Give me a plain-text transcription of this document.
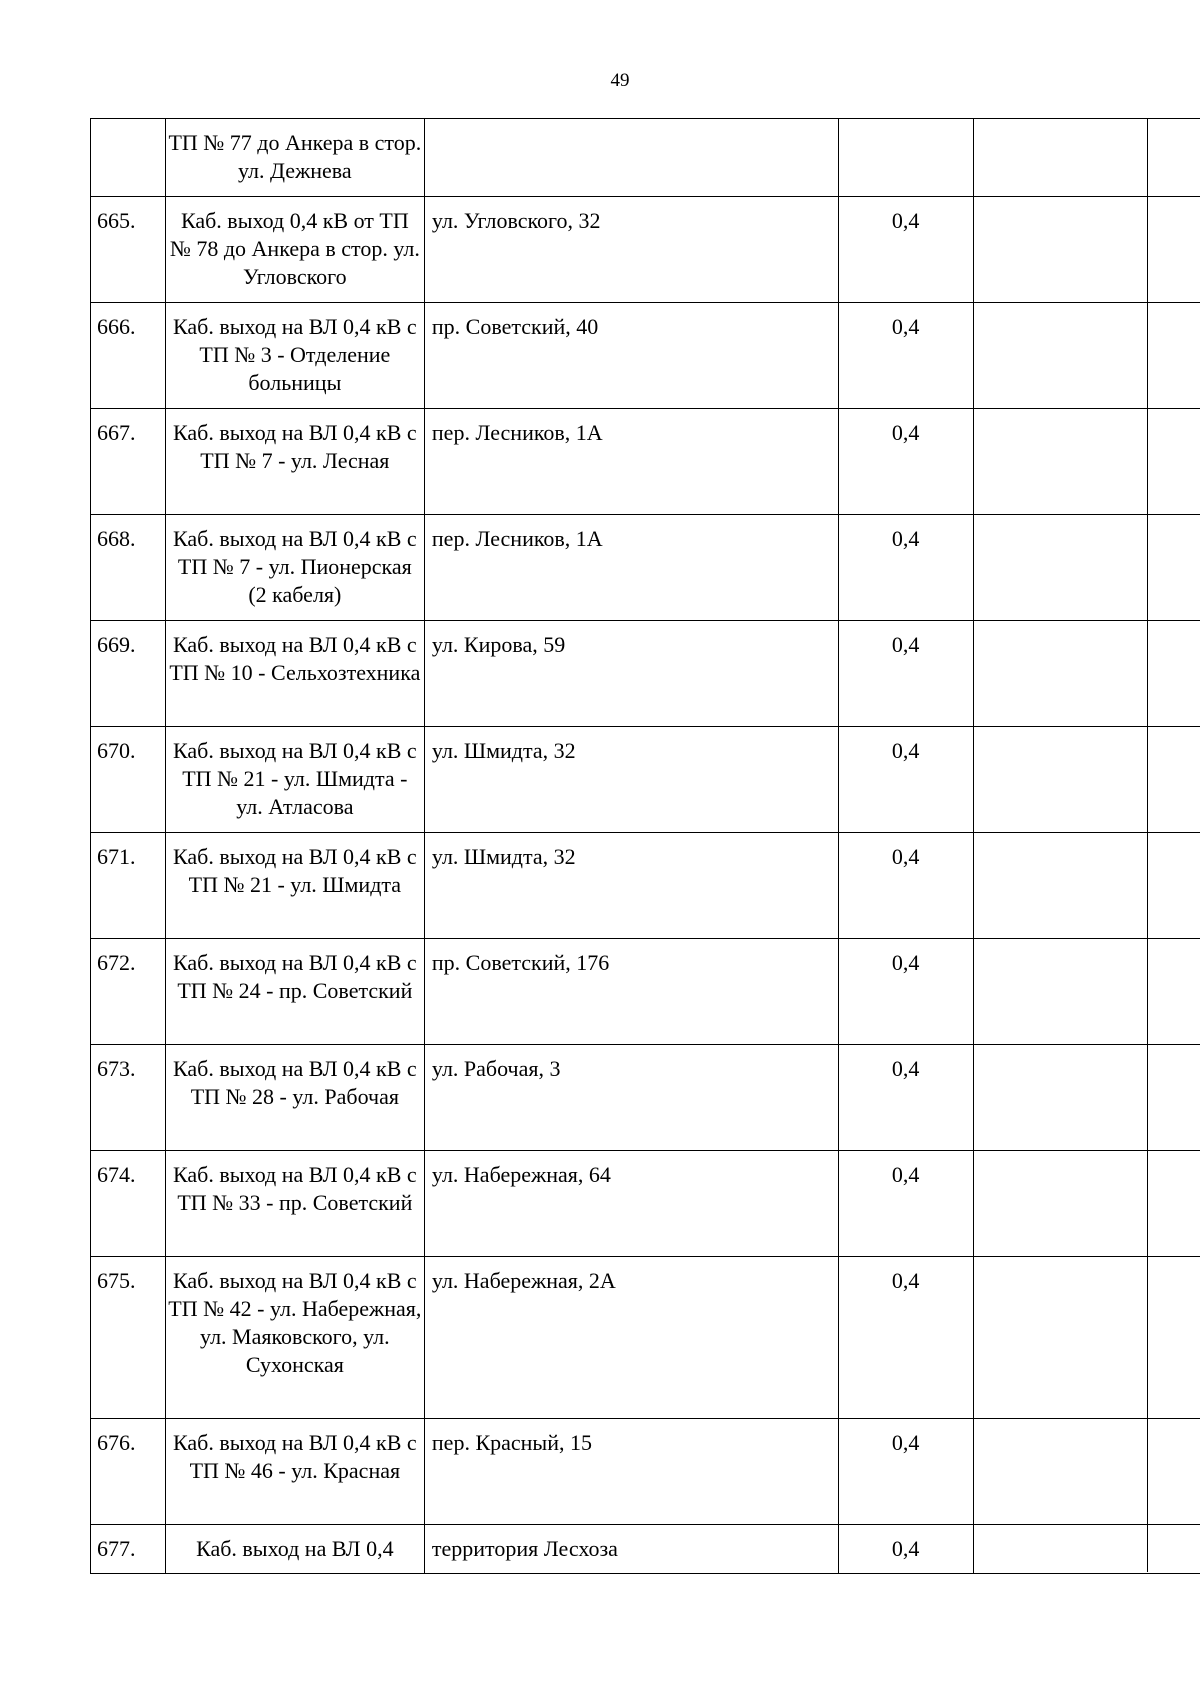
49
	ТП № 77 до Анкера в стор. ул. Дежнева			
665.	Каб. выход 0,4 кВ от ТП № 78 до Анкера в стор. ул. Угловского	ул. Угловского, 32	0,4	
666.	Каб. выход на ВЛ 0,4 кВ с ТП № 3 - Отделение больницы	пр. Советский, 40	0,4	
667.	Каб. выход на ВЛ 0,4 кВ с ТП № 7 - ул. Лесная	пер. Лесников, 1А	0,4	
668.	Каб. выход на ВЛ 0,4 кВ с ТП № 7 - ул. Пионерская (2 кабеля)	пер. Лесников, 1А	0,4	
669.	Каб. выход на ВЛ 0,4 кВ с ТП № 10 - Сельхозтехника	ул. Кирова, 59	0,4	
670.	Каб. выход на ВЛ 0,4 кВ с ТП № 21 - ул. Шмидта - ул. Атласова	ул. Шмидта, 32	0,4	
671.	Каб. выход на ВЛ 0,4 кВ с ТП № 21 - ул. Шмидта	ул. Шмидта, 32	0,4	
672.	Каб. выход на ВЛ 0,4 кВ с ТП № 24 - пр. Советский	пр. Советский, 176	0,4	
673.	Каб. выход на ВЛ 0,4 кВ с ТП № 28 - ул. Рабочая	ул. Рабочая, 3	0,4	
674.	Каб. выход на ВЛ 0,4 кВ с ТП № 33 - пр. Советский	ул. Набережная, 64	0,4	
675.	Каб. выход на ВЛ 0,4 кВ с ТП № 42 - ул. Набережная, ул. Маяковского, ул. Сухонская	ул. Набережная, 2А	0,4	
676.	Каб. выход на ВЛ 0,4 кВ с ТП № 46 - ул. Красная	пер. Красный, 15	0,4	
677.	Каб. выход на ВЛ 0,4	территория Лесхоза	0,4	
